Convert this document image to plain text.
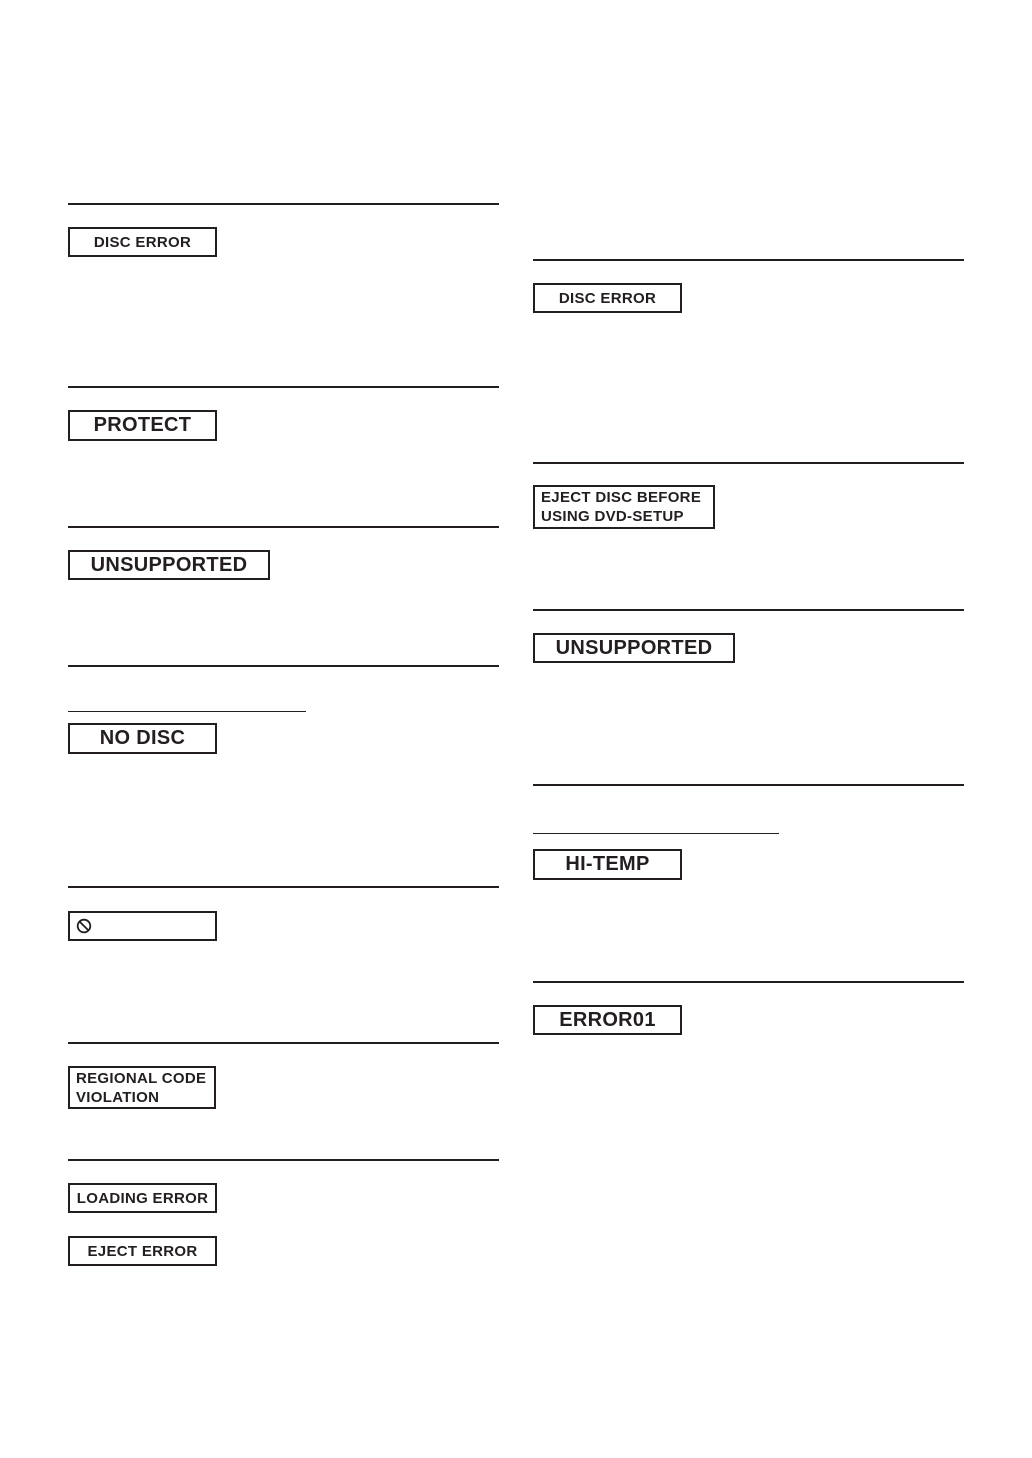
DISC ERROR
PROTECT
UNSUPPORTED
NO DISC
REGIONAL CODE
VIOLATION
LOADING ERROR
EJECT ERROR
DISC ERROR
EJECT DISC BEFORE
USING DVD-SETUP
UNSUPPORTED
HI-TEMP
ERROR01
